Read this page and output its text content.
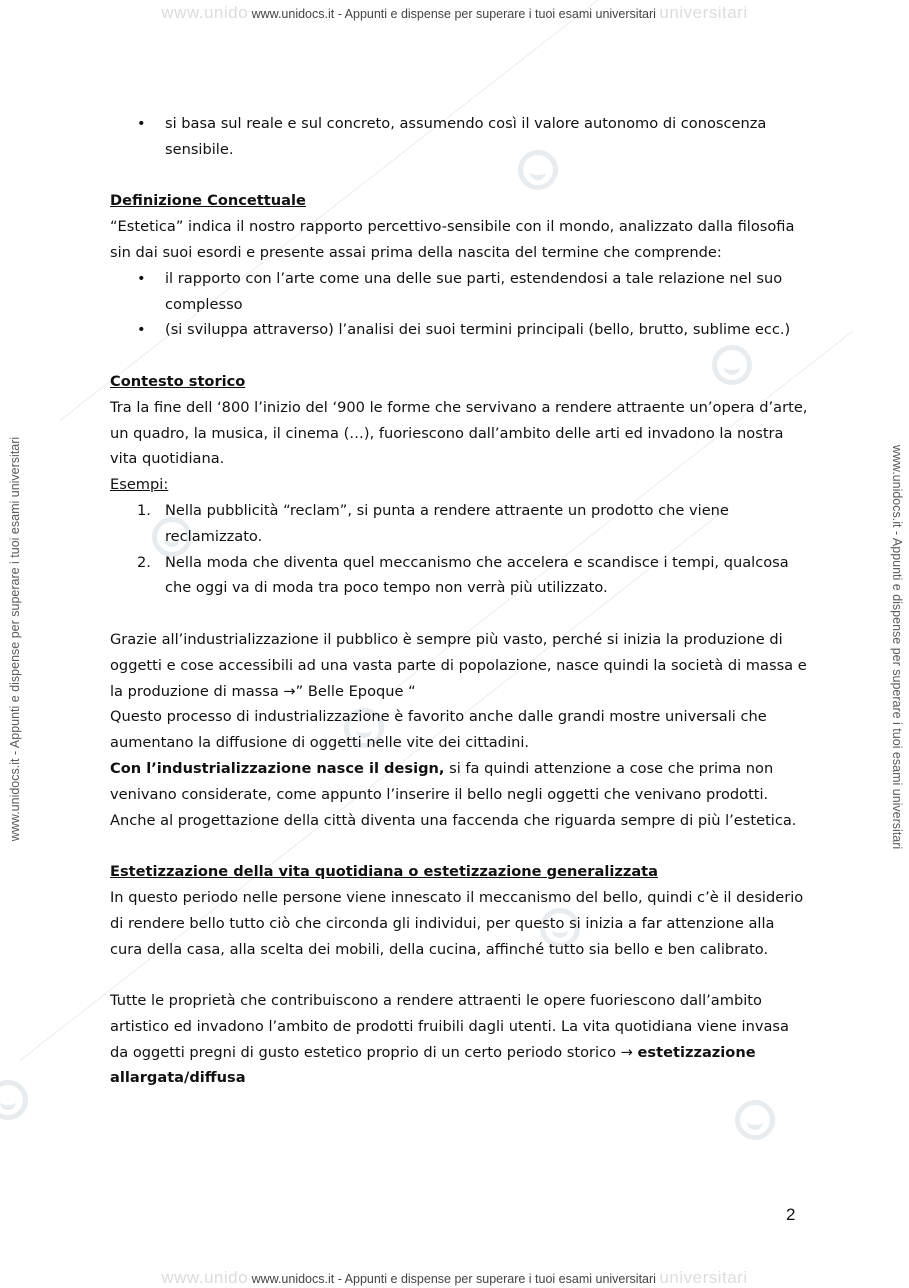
www.unido www.unidocs.it - Appunti e dispense per superare i tuoi esami universitari universitari
www.unido www.unidocs.it - Appunti e dispense per superare i tuoi esami universitari universitari
www.unidocs.it - Appunti e dispense per superare i tuoi esami universitari	www.unidocs.it - Appunti e dispense per superare i tuoi esami universitari

• si basa sul reale e sul concreto, assumendo così il valore autonomo di conoscenza sensibile.

Definizione Concettuale

“Estetica” indica il nostro rapporto percettivo-sensibile con il mondo, analizzato dalla filosofia sin dai suoi esordi e presente assai prima della nascita del termine che comprende:

• il rapporto con l’arte come una delle sue parti, estendendosi a tale relazione nel suo complesso

• (si sviluppa attraverso) l’analisi dei suoi termini principali (bello, brutto, sublime ecc.)

Contesto storico

Tra la fine dell ‘800 l’inizio del ‘900 le forme che servivano a rendere attraente un’opera d’arte, un quadro, la musica, il cinema (…), fuoriescono dall’ambito delle arti ed invadono la nostra vita quotidiana.

Esempi:

1. Nella pubblicità “reclam”, si punta a rendere attraente un prodotto che viene reclamizzato.

2. Nella moda che diventa quel meccanismo che accelera e scandisce i tempi, qualcosa che oggi va di moda tra poco tempo non verrà più utilizzato.

Grazie all’industrializzazione il pubblico è sempre più vasto, perché si inizia la produzione di oggetti e cose accessibili ad una vasta parte di popolazione, nasce quindi la società di massa e la produzione di massa →” Belle Epoque “

Questo processo di industrializzazione è favorito anche dalle grandi mostre universali che aumentano la diffusione di oggetti nelle vite dei cittadini.

Con l’industrializzazione nasce il design, si fa quindi attenzione a cose che prima non venivano considerate, come appunto l’inserire il bello negli oggetti che venivano prodotti.

Anche al progettazione della città diventa una faccenda che riguarda sempre di più l’estetica.

Estetizzazione della vita quotidiana o estetizzazione generalizzata

In questo periodo nelle persone viene innescato il meccanismo del bello, quindi c’è il desiderio di rendere bello tutto ciò che circonda gli individui, per questo si inizia a far attenzione alla cura della casa, alla scelta dei mobili, della cucina, affinché tutto sia bello e ben calibrato.

Tutte le proprietà che contribuiscono a rendere attraenti le opere fuoriescono dall’ambito artistico ed invadono l’ambito de prodotti fruibili dagli utenti. La vita quotidiana viene invasa da oggetti pregni di gusto estetico proprio di un certo periodo storico → estetizzazione allargata/diffusa

2
